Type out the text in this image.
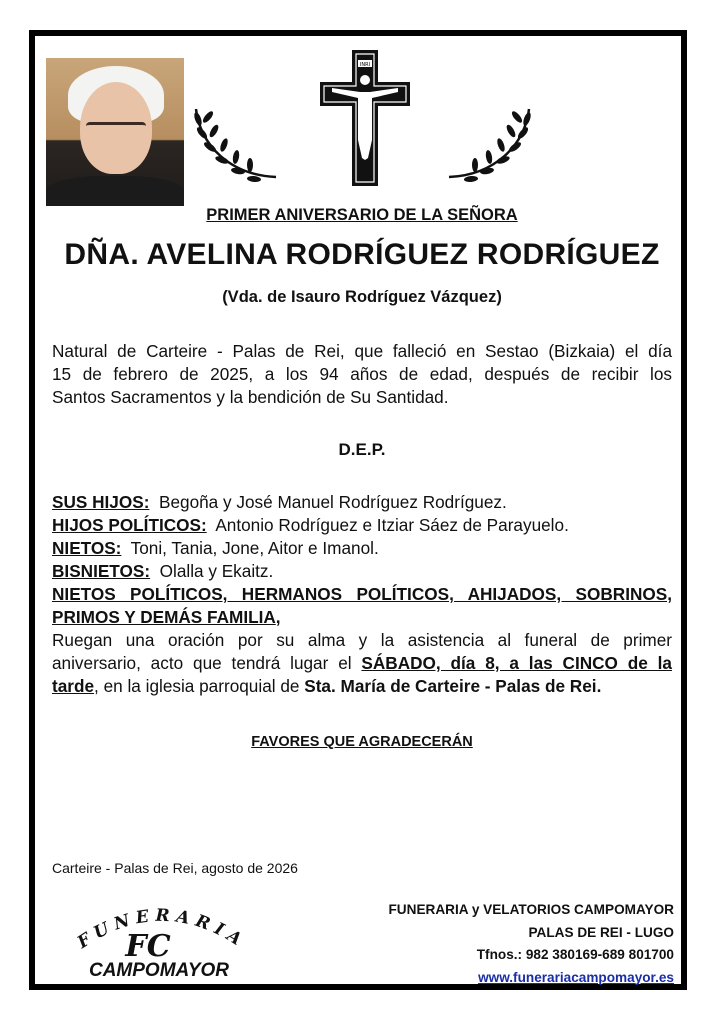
INRI
PRIMER ANIVERSARIO DE LA SEÑORA
DÑA. AVELINA RODRÍGUEZ RODRÍGUEZ
(Vda. de Isauro Rodríguez Vázquez)
Natural de Carteire - Palas de Rei, que falleció en Sestao (Bizkaia) el día
15 de febrero de 2025, a los 94 años de edad, después de recibir los
Santos Sacramentos y la bendición de Su Santidad.
D.E.P.
SUS HIJOS: Begoña y José Manuel Rodríguez Rodríguez.
HIJOS POLÍTICOS: Antonio Rodríguez e Itziar Sáez de Parayuelo.
NIETOS: Toni, Tania, Jone, Aitor e Imanol.
BISNIETOS: Olalla y Ekaitz.
NIETOS POLÍTICOS, HERMANOS POLÍTICOS, AHIJADOS, SOBRINOS,
PRIMOS Y DEMÁS FAMILIA,
Ruegan una oración por su alma y la asistencia al funeral de primer
aniversario, acto que tendrá lugar el SÁBADO, día 8, a las CINCO de la
tarde, en la iglesia parroquial de Sta. María de Carteire - Palas de Rei.
FAVORES QUE AGRADECERÁN
Carteire - Palas de Rei, agosto de 2026
FUNERARIA
FC
CAMPOMAYOR
FUNERARIA y VELATORIOS CAMPOMAYOR
PALAS DE REI - LUGO
Tfnos.: 982 380169-689 801700
www.funerariacampomayor.es
